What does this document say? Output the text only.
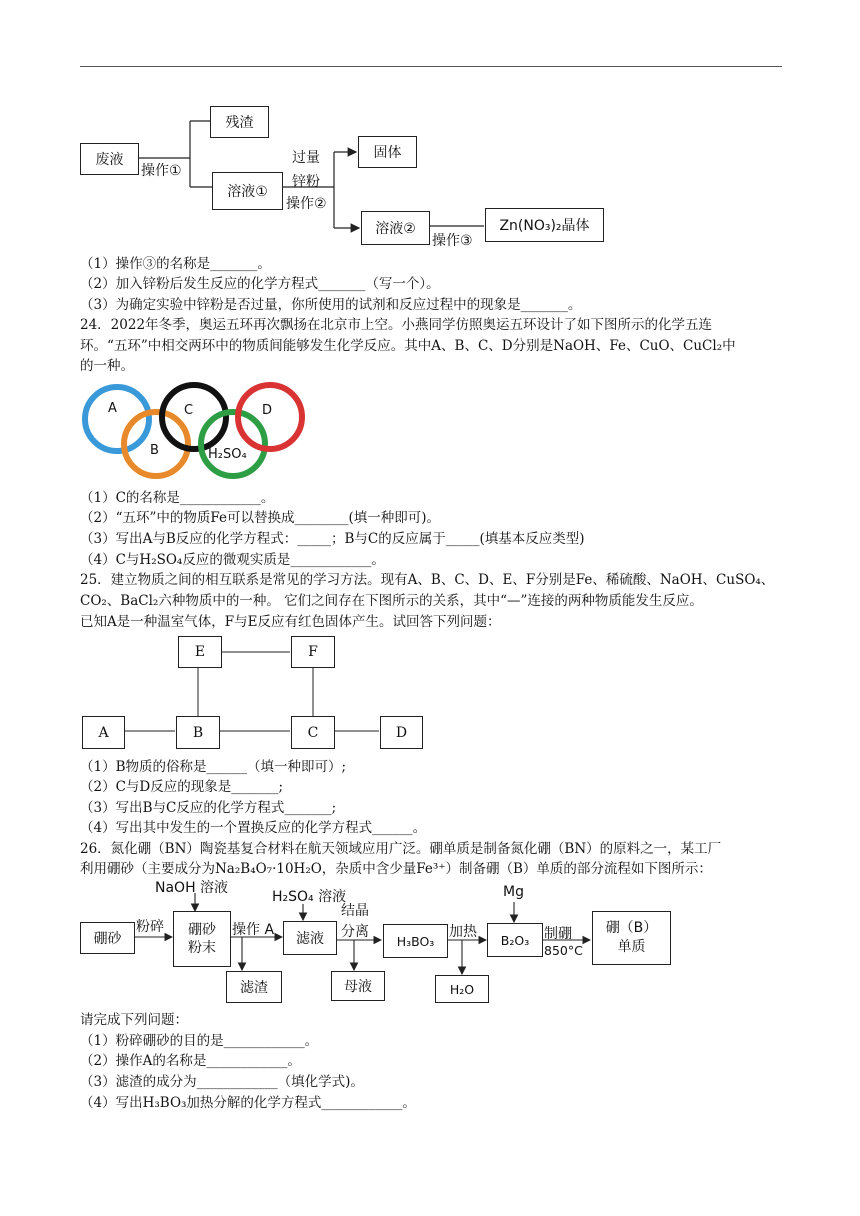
废液
残渣
溶液①
固体
溶液②	Zn(NO₃)₂晶体
操作①
过量
锌粉
操作②
操作③
（1）操作③的名称是_______。
（2）加入锌粉后发生反应的化学方程式_______（写一个）。
（3）为确定实验中锌粉是否过量，你所使用的试剂和反应过程中的现象是_______。
24．2022年冬季，奥运五环再次飘扬在北京市上空。小燕同学仿照奥运五环设计了如下图所示的化学五连
环。“五环”中相交两环中的物质间能够发生化学反应。其中A、B、C、D分别是NaOH、Fe、CuO、CuCl₂中
的一种。
A
B
C
H₂SO₄
D
（1）C的名称是____________。
（2）“五环”中的物质Fe可以替换成________(填一种即可)。
（3）写出A与B反应的化学方程式：_____；B与C的反应属于_____(填基本反应类型)
（4）C与H₂SO₄反应的微观实质是____________。
25．建立物质之间的相互联系是常见的学习方法。现有A、B、C、D、E、F分别是Fe、稀硫酸、NaOH、CuSO₄、
CO₂、BaCl₂六种物质中的一种。 它们之间存在下图所示的关系，其中“—”连接的两种物质能发生反应。
已知A是一种温室气体，F与E反应有红色固体产生。试回答下列问题：
E	F
A	B	C	D
（1）B物质的俗称是______（填一种即可）;
（2）C与D反应的现象是_______;
（3）写出B与C反应的化学方程式_______;
（4）写出其中发生的一个置换反应的化学方程式______。
26．氮化硼（BN）陶瓷基复合材料在航天领域应用广泛。硼单质是制备氮化硼（BN）的原料之一，某工厂
利用硼砂（主要成分为Na₂B₄O₇·10H₂O，杂质中含少量Fe³⁺）制备硼（B）单质的部分流程如下图所示：
硼砂
粉碎
NaOH 溶液
硼砂
粉末
操作 A
H₂SO₄ 溶液
滤液
结晶
分离
H₃BO₃
加热
Mg
B₂O₃	制硼
850°C
硼（B）
单质
滤渣	母液	H₂O
请完成下列问题：
（1）粉碎硼砂的目的是____________。
（2）操作A的名称是____________。
（3）滤渣的成分为____________（填化学式)。
（4）写出H₃BO₃加热分解的化学方程式____________。
